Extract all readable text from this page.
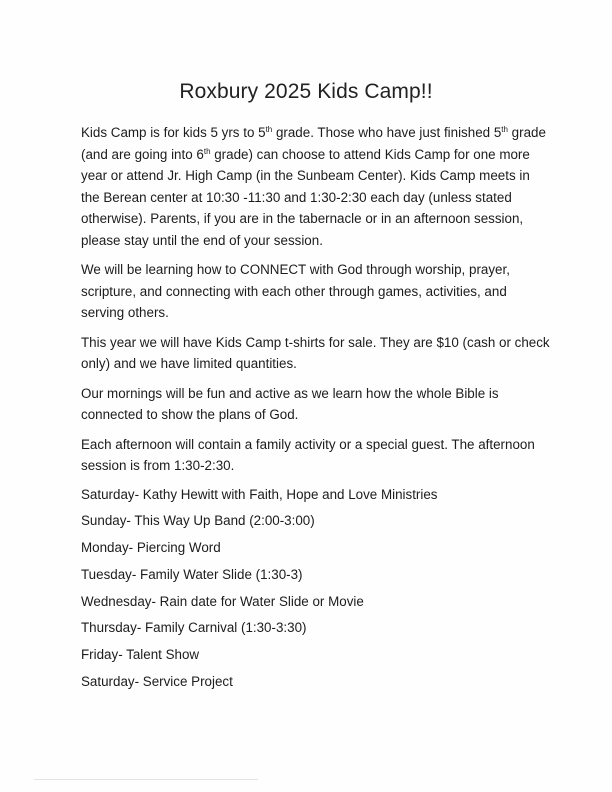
Roxbury 2025 Kids Camp!!

Kids Camp is for kids 5 yrs to 5th grade. Those who have just finished 5th grade (and are going into 6th grade) can choose to attend Kids Camp for one more year or attend Jr. High Camp (in the Sunbeam Center). Kids Camp meets in the Berean center at 10:30 -11:30 and 1:30-2:30 each day (unless stated otherwise). Parents, if you are in the tabernacle or in an afternoon session, please stay until the end of your session.

We will be learning how to CONNECT with God through worship, prayer, scripture, and connecting with each other through games, activities, and serving others.

This year we will have Kids Camp t-shirts for sale. They are $10 (cash or check only) and we have limited quantities.

Our mornings will be fun and active as we learn how the whole Bible is connected to show the plans of God.

Each afternoon will contain a family activity or a special guest. The afternoon session is from 1:30-2:30.

Saturday- Kathy Hewitt with Faith, Hope and Love Ministries
Sunday- This Way Up Band (2:00-3:00)
Monday- Piercing Word
Tuesday- Family Water Slide (1:30-3)
Wednesday- Rain date for Water Slide or Movie
Thursday- Family Carnival (1:30-3:30)
Friday- Talent Show
Saturday- Service Project
